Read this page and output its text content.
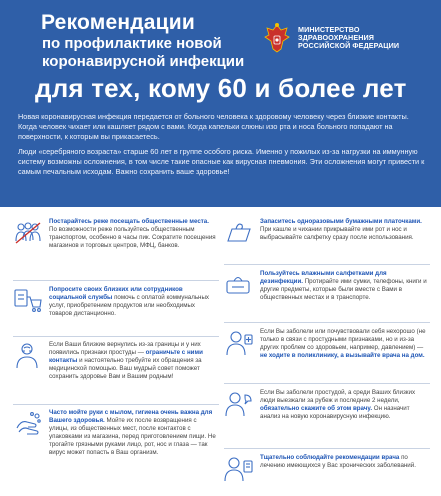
Рекомендации
по профилактике новой
коронавирусной инфекции
для тех, кому 60 и более лет
МИНИСТЕРСТВО
ЗДРАВООХРАНЕНИЯ
РОССИЙСКОЙ ФЕДЕРАЦИИ

Новая коронавирусная инфекция передается от больного человека к здоровому человеку через близкие контакты. Когда человек чихает или кашляет рядом с вами. Когда капельки слюны изо рта и носа больного попадают на поверхности, к которым вы прикасаетесь.

Люди «серебряного возраста» старше 60 лет в группе особого риска. Именно у пожилых из-за нагрузки на иммунную систему возможны осложнения, в том числе такие опасные как вирусная пневмония. Эти осложнения могут привести к самым печальным исходам. Важно сохранить ваше здоровье!

Постарайтесь реже посещать общественные места. По возможности реже пользуйтесь общественным транспортом, особенно в часы пик. Сократите посещения магазинов и торговых центров, МФЦ, банков.
Попросите своих близких или сотрудников социальной службы помочь с оплатой коммунальных услуг, приобретением продуктов или необходимых товаров дистанционно.
Если Ваши близкие вернулись из-за границы и у них появились признаки простуды — ограничьте с ними контакты и настоятельно требуйте их обращения за медицинской помощью. Ваш мудрый совет поможет сохранить здоровье Вам и Вашим родным!
Часто мойте руки с мылом, гигиена очень важна для Вашего здоровья. Мойте их после возвращения с улицы, из общественных мест, после контактов с упаковками из магазина, перед приготовлением пищи. Не трогайте грязными руками лицо, рот, нос и глаза — так вирус может попасть в Ваш организм.
Запаситесь одноразовыми бумажными платочками. При кашле и чихании прикрывайте ими рот и нос и выбрасывайте салфетку сразу после использования.
Пользуйтесь влажными салфетками для дезинфекции. Протирайте ими сумки, телефоны, книги и другие предметы, которые были вместе с Вами в общественных местах и в транспорте.
Если Вы заболели или почувствовали себя нехорошо (не только в связи с простудными признаками, но и из-за других проблем со здоровьем, например, давлением) — не ходите в поликлинику, а вызывайте врача на дом.
Если Вы заболели простудой, а среди Ваших близких люди выезжали за рубеж и последние 2 недели, обязательно скажите об этом врачу. Он назначит анализ на новую коронавирусную инфекцию.
Тщательно соблюдайте рекомендации врача по лечению имеющихся у Вас хронических заболеваний.
